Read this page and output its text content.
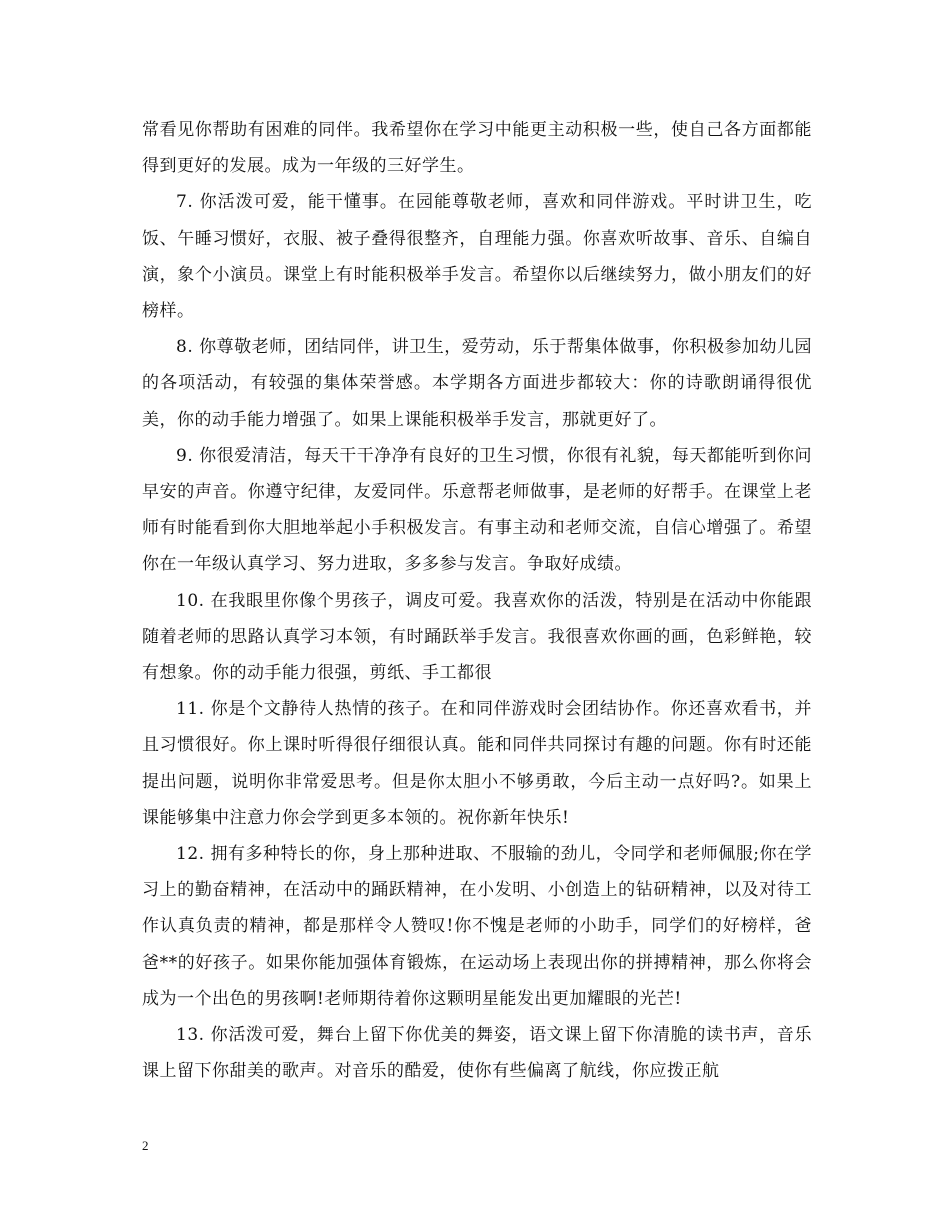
常看见你帮助有困难的同伴。我希望你在学习中能更主动积极一些，使自己各方面都能得到更好的发展。成为一年级的三好学生。

7. 你活泼可爱，能干懂事。在园能尊敬老师，喜欢和同伴游戏。平时讲卫生，吃饭、午睡习惯好，衣服、被子叠得很整齐，自理能力强。你喜欢听故事、音乐、自编自演，象个小演员。课堂上有时能积极举手发言。希望你以后继续努力，做小朋友们的好榜样。

8. 你尊敬老师，团结同伴，讲卫生，爱劳动，乐于帮集体做事，你积极参加幼儿园的各项活动，有较强的集体荣誉感。本学期各方面进步都较大：你的诗歌朗诵得很优美，你的动手能力增强了。如果上课能积极举手发言，那就更好了。

9. 你很爱清洁，每天干干净净有良好的卫生习惯，你很有礼貌，每天都能听到你问早安的声音。你遵守纪律，友爱同伴。乐意帮老师做事，是老师的好帮手。在课堂上老师有时能看到你大胆地举起小手积极发言。有事主动和老师交流，自信心增强了。希望你在一年级认真学习、努力进取，多多参与发言。争取好成绩。

10. 在我眼里你像个男孩子，调皮可爱。我喜欢你的活泼，特别是在活动中你能跟随着老师的思路认真学习本领，有时踊跃举手发言。我很喜欢你画的画，色彩鲜艳，较有想象。你的动手能力很强，剪纸、手工都很

11. 你是个文静待人热情的孩子。在和同伴游戏时会团结协作。你还喜欢看书，并且习惯很好。你上课时听得很仔细很认真。能和同伴共同探讨有趣的问题。你有时还能提出问题，说明你非常爱思考。但是你太胆小不够勇敢，今后主动一点好吗?。如果上课能够集中注意力你会学到更多本领的。祝你新年快乐!

12. 拥有多种特长的你，身上那种进取、不服输的劲儿，令同学和老师佩服;你在学习上的勤奋精神，在活动中的踊跃精神，在小发明、小创造上的钻研精神，以及对待工作认真负责的精神，都是那样令人赞叹!你不愧是老师的小助手，同学们的好榜样，爸爸**的好孩子。如果你能加强体育锻炼，在运动场上表现出你的拼搏精神，那么你将会成为一个出色的男孩啊!老师期待着你这颗明星能发出更加耀眼的光芒!

13. 你活泼可爱，舞台上留下你优美的舞姿，语文课上留下你清脆的读书声，音乐课上留下你甜美的歌声。对音乐的酷爱，使你有些偏离了航线，你应拨正航

2
